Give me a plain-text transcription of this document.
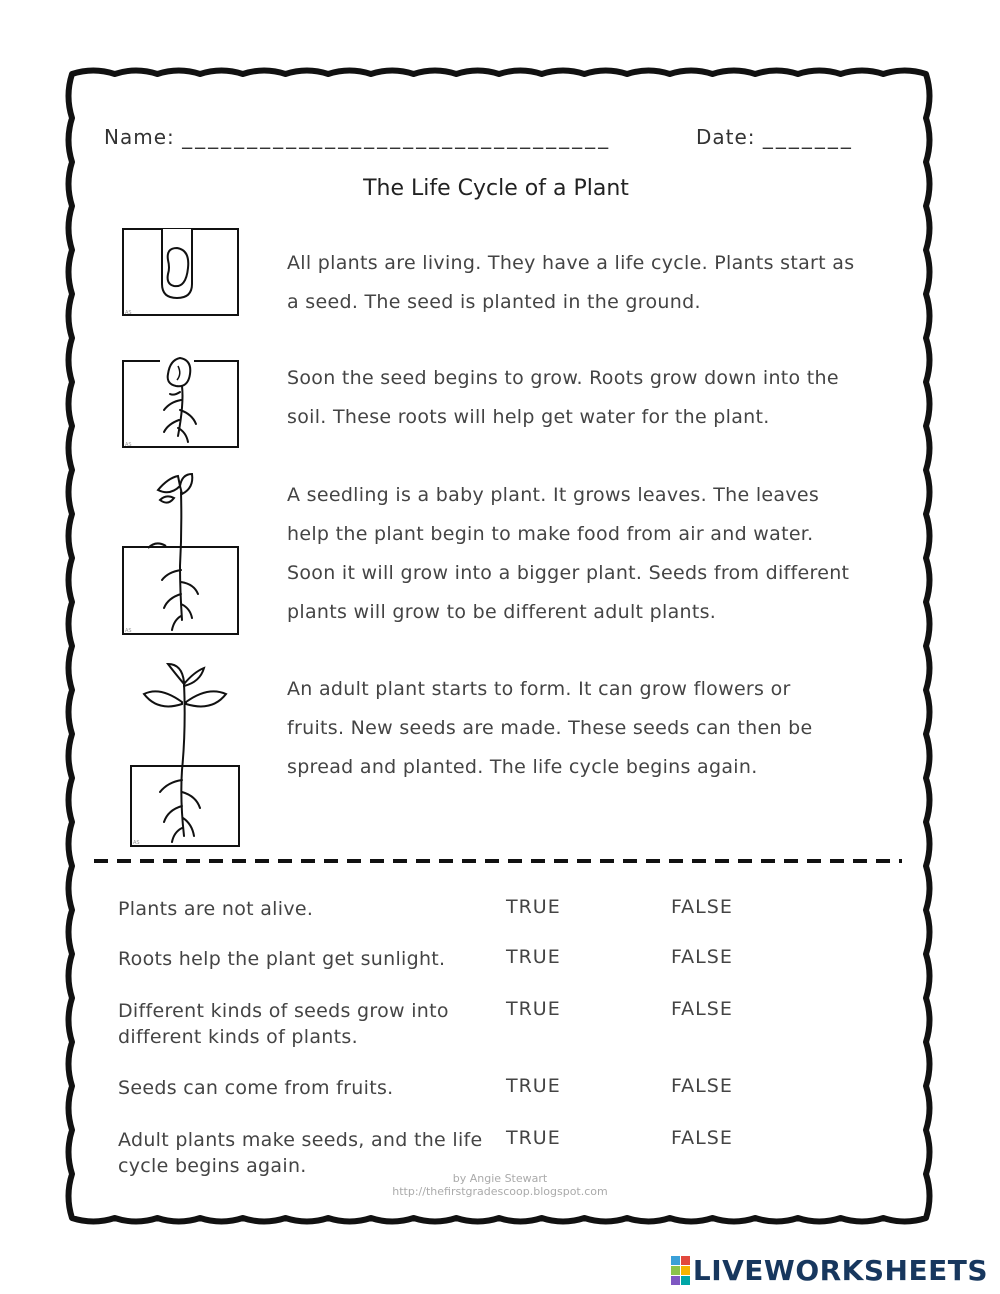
Name: _________________________________	Date: _______
The Life Cycle of a Plant
AS
AS
AS
AS
All plants are living. They have a life cycle. Plants start as
a seed. The seed is planted in the ground.
Soon the seed begins to grow. Roots grow down into the
soil. These roots will help get water for the plant.
A seedling is a baby plant. It grows leaves. The leaves
help the plant begin to make food from air and water.
Soon it will grow into a bigger plant. Seeds from different
plants will grow to be different adult plants.
An adult plant starts to form. It can grow flowers or
fruits. New seeds are made. These seeds can then be
spread and planted. The life cycle begins again.
Plants are not alive.	TRUE	FALSE
Roots help the plant get sunlight.	TRUE	FALSE
Different kinds of seeds grow into
different kinds of plants.
TRUE	FALSE
Seeds can come from fruits.	TRUE	FALSE
Adult plants make seeds, and the life
cycle begins again.
TRUE	FALSE
by Angie Stewart
http://thefirstgradescoop.blogspot.com
LIVEWORKSHEETS
